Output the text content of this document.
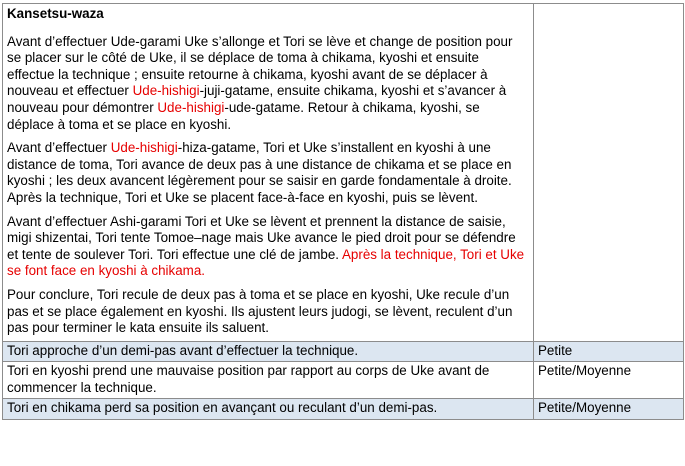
Kansetsu-waza

Avant d’effectuer Ude-garami Uke s’allonge et Tori se lève et change de position pour se placer sur le côté de Uke, il se déplace de toma à chikama, kyoshi et ensuite effectue la technique ; ensuite retourne à chikama, kyoshi avant de se déplacer à nouveau et effectuer Ude-hishigi-juji-gatame, ensuite chikama, kyoshi et s’avancer à nouveau pour démontrer Ude-hishigi-ude-gatame. Retour à chikama, kyoshi, se déplace à toma et se place en kyoshi.

Avant d’effectuer Ude-hishigi-hiza-gatame, Tori et Uke s’installent en kyoshi à une distance de toma, Tori avance de deux pas à une distance de chikama et se place en kyoshi ; les deux avancent légèrement pour se saisir en garde fondamentale à droite. Après la technique, Tori et Uke se placent face-à-face en kyoshi, puis se lèvent.

Avant d’effectuer Ashi-garami Tori et Uke se lèvent et prennent la distance de saisie, migi shizentai, Tori tente Tomoe–nage mais Uke avance le pied droit pour se défendre et tente de soulever Tori. Tori effectue une clé de jambe. Après la technique, Tori et Uke se font face en kyoshi à chikama.

Pour conclure, Tori recule de deux pas à toma et se place en kyoshi, Uke recule d’un pas et se place également en kyoshi. Ils ajustent leurs judogi, se lèvent, reculent d’un pas pour terminer le kata ensuite ils saluent.	

Tori approche d’un demi-pas avant d’effectuer la technique.	Petite
Tori en kyoshi prend une mauvaise position par rapport au corps de Uke avant de commencer la technique.	Petite/Moyenne
Tori en chikama perd sa position en avançant ou reculant d’un demi-pas.	Petite/Moyenne
